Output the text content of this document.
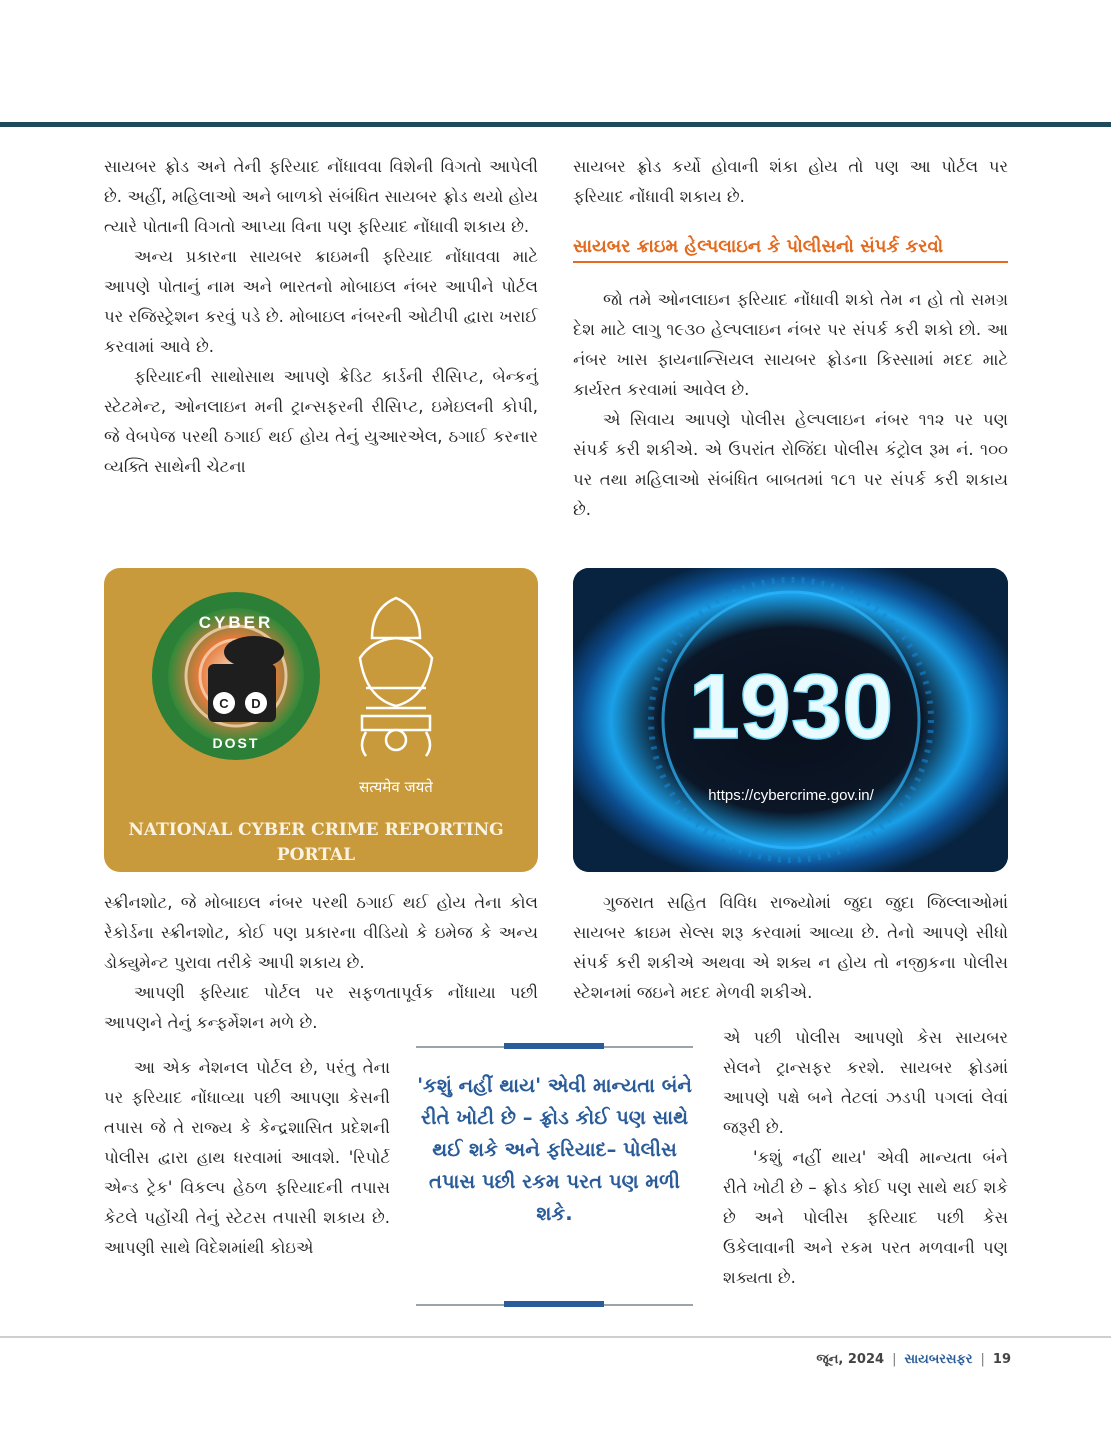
સાયબર ફ્રોડ અને તેની ફરિયાદ નોંધાવવા વિશેની વિગતો આપેલી છે. અહીં, મહિલાઓ અને બાળકો સંબંધિત સાયબર ફ્રોડ થયો હોય ત્યારે પોતાની વિગતો આપ્યા વિના પણ ફરિયાદ નોંધાવી શકાય છે.

અન્ય પ્રકારના સાયબર ક્રાઇમની ફરિયાદ નોંધાવવા માટે આપણે પોતાનું નામ અને ભારતનો મોબાઇલ નંબર આપીને પોર્ટલ પર રજિસ્ટ્રેશન કરવું પડે છે. મોબાઇલ નંબરની ઓટીપી દ્વારા ખરાઈ કરવામાં આવે છે.

ફરિયાદની સાથોસાથ આપણે ક્રેડિટ કાર્ડની રીસિપ્ટ, બેન્કનું સ્ટેટમેન્ટ, ઓનલાઇન મની ટ્રાન્સફરની રીસિપ્ટ, ઇમેઇલની કોપી, જે વેબપેજ પરથી ઠગાઈ થઈ હોય તેનું યુઆરએલ, ઠગાઈ કરનાર વ્યક્તિ સાથેની ચેટના

સાયબર ફ્રોડ કર્યો હોવાની શંકા હોય તો પણ આ પોર્ટલ પર ફરિયાદ નોંધાવી શકાય છે.

સાયબર ક્રાઇમ હેલ્પલાઇન કે પોલીસનો સંપર્ક કરવો

જો તમે ઓનલાઇન ફરિયાદ નોંધાવી શકો તેમ ન હો તો સમગ્ર દેશ માટે લાગુ ૧૯૩૦ હેલ્પલાઇન નંબર પર સંપર્ક કરી શકો છો. આ નંબર ખાસ ફાયનાન્સિયલ સાયબર ફ્રોડના કિસ્સામાં મદદ માટે કાર્યરત કરવામાં આવેલ છે.

એ સિવાય આપણે પોલીસ હેલ્પલાઇન નંબર ૧૧૨ પર પણ સંપર્ક કરી શકીએ. એ ઉપરાંત રોજિંદા પોલીસ કંટ્રોલ રૂમ નં. ૧૦૦ પર તથા મહિલાઓ સંબંધિત બાબતમાં ૧૮૧ પર સંપર્ક કરી શકાય છે.

C D
CYBER
DOST
सत्यमेव जयते
NATIONAL CYBER CRIME REPORTING
PORTAL
1930
https://cybercrime.gov.in/

સ્ક્રીનશોટ, જે મોબાઇલ નંબર પરથી ઠગાઈ થઈ હોય તેના કોલ રેકોર્ડના સ્ક્રીનશોટ, કોઈ પણ પ્રકારના વીડિયો કે ઇમેજ કે અન્ય ડોક્યુમેન્ટ પુરાવા તરીકે આપી શકાય છે.

આપણી ફરિયાદ પોર્ટલ પર સફળતાપૂર્વક નોંધાયા પછી આપણને તેનું કન્ફર્મેશન મળે છે.

આ એક નેશનલ પોર્ટલ છે, પરંતુ તેના પર ફરિયાદ નોંધાવ્યા પછી આપણા કેસની તપાસ જે તે રાજ્ય કે કેન્દ્રશાસિત પ્રદેશની પોલીસ દ્વારા હાથ ધરવામાં આવશે. 'રિપોર્ટ એન્ડ ટ્રેક' વિકલ્પ હેઠળ ફરિયાદની તપાસ કેટલે પહોંચી તેનું સ્ટેટસ તપાસી શકાય છે. આપણી સાથે વિદેશમાંથી કોઇએ

'કશું નહીં થાય' એવી માન્યતા બંને રીતે ખોટી છે – ફ્રોડ કોઈ પણ સાથે થઈ શકે અને ફરિયાદ– પોલીસ તપાસ પછી રકમ પરત પણ મળી શકે.

ગુજરાત સહિત વિવિધ રાજ્યોમાં જુદા જુદા જિલ્લાઓમાં સાયબર ક્રાઇમ સેલ્સ શરૂ કરવામાં આવ્યા છે. તેનો આપણે સીધો સંપર્ક કરી શકીએ અથવા એ શક્ય ન હોય તો નજીકના પોલીસ સ્ટેશનમાં જઇને મદદ મેળવી શકીએ.

એ પછી પોલીસ આપણો કેસ સાયબર સેલને ટ્રાન્સફર કરશે. સાયબર ફ્રોડમાં આપણે પક્ષે બને તેટલાં ઝડપી પગલાં લેવાં જરૂરી છે.

'કશું નહીં થાય' એવી માન્યતા બંને રીતે ખોટી છે – ફ્રોડ કોઈ પણ સાથે થઈ શકે છે અને પોલીસ ફરિયાદ પછી કેસ ઉકેલાવાની અને રકમ પરત મળવાની પણ શક્યતા છે.

જૂન, 2024 | સાયબરસફર | 19
